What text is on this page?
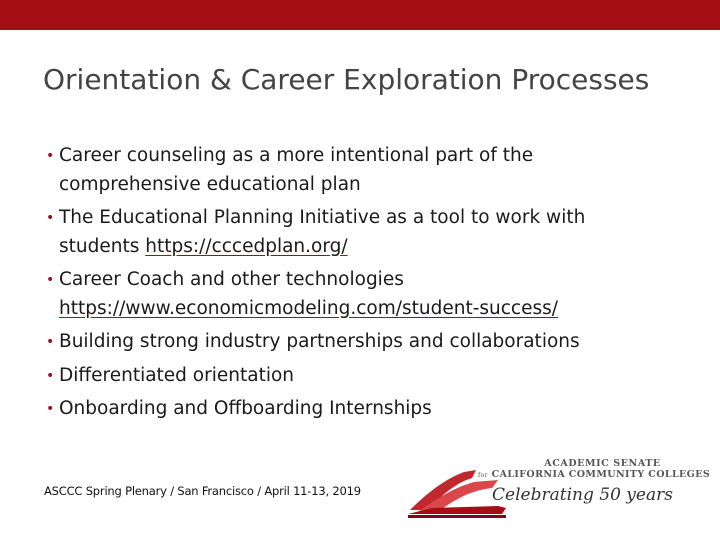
Orientation & Career Exploration Processes
• Career counseling as a more intentional part of the
comprehensive educational plan
• The Educational Planning Initiative as a tool to work with
students https://cccedplan.org/
• Career Coach and other technologies
https://www.economicmodeling.com/student-success/
• Building strong industry partnerships and collaborations
• Differentiated orientation
• Onboarding and Offboarding Internships
ASCCC Spring Plenary / San Francisco / April 11-13, 2019
ACADEMIC SENATE
for CALIFORNIA COMMUNITY COLLEGES
Celebrating 50 years
